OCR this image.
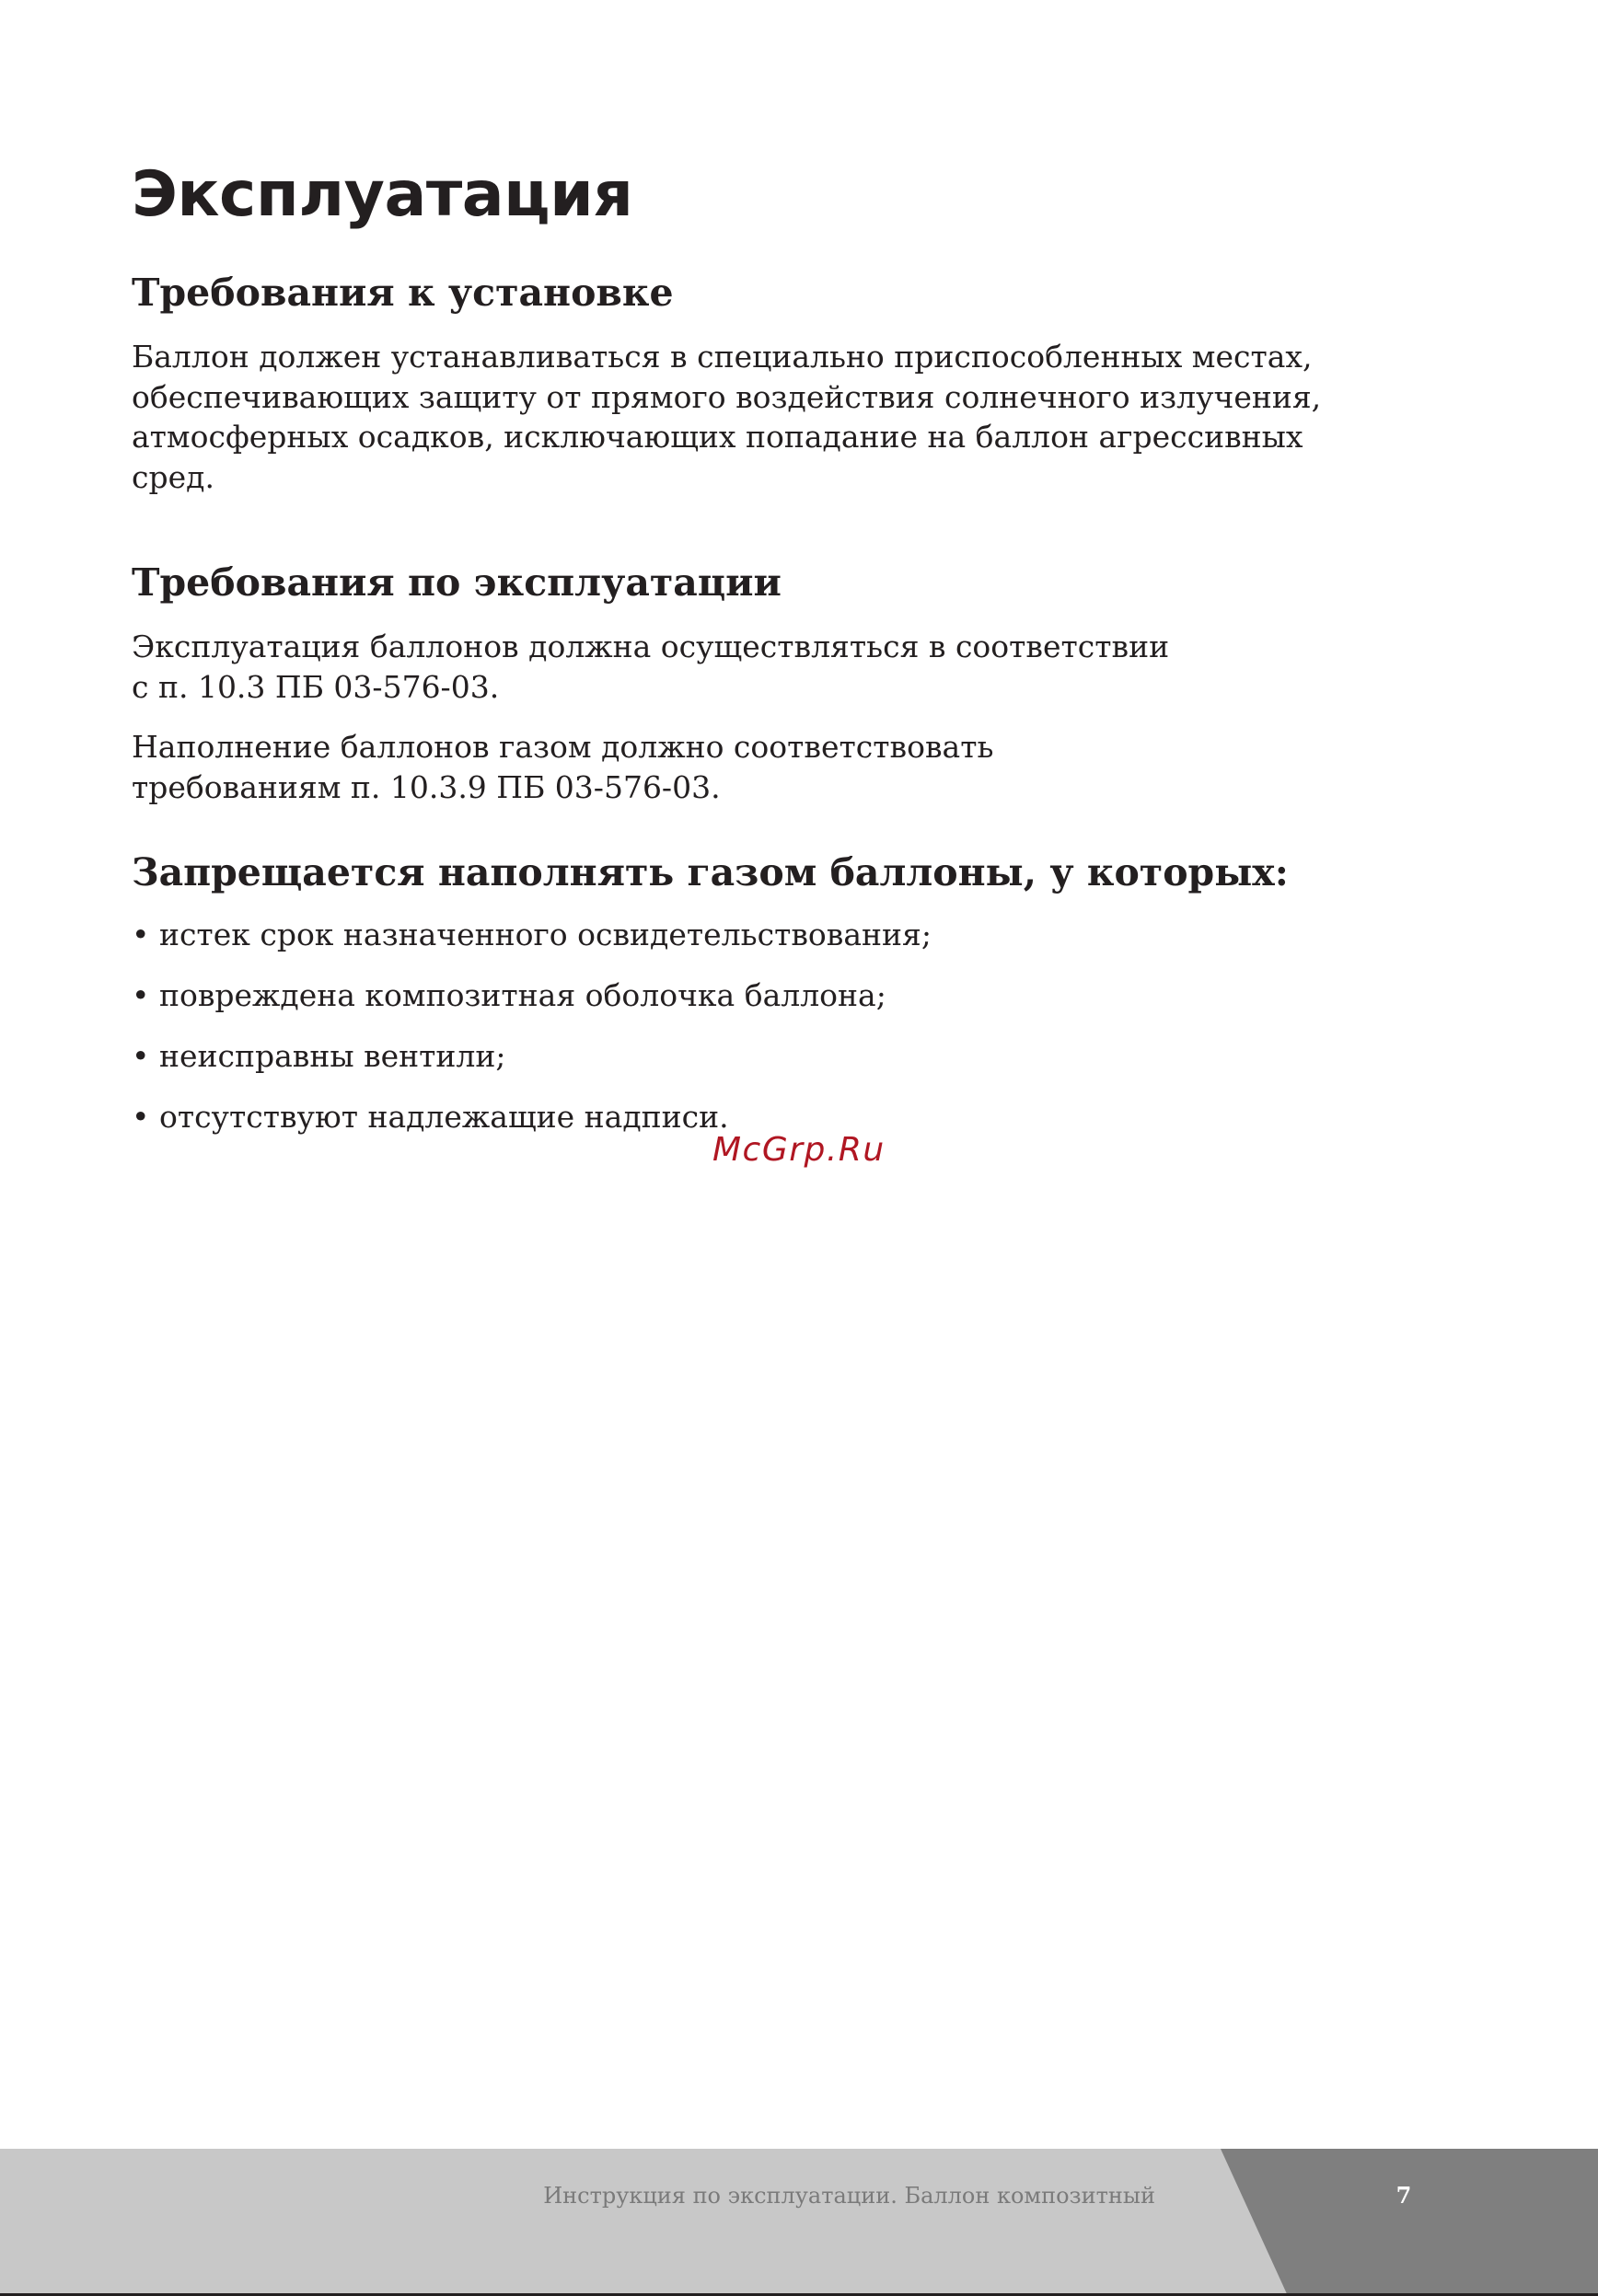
Эксплуатация
Требования к установке

Баллон должен устанавливаться в специально приспособленных местах,
обеспечивающих защиту от прямого воздействия солнечного излучения,
атмосферных осадков, исключающих попадание на баллон агрессивных
сред.

Требования по эксплуатации

Эксплуатация баллонов должна осуществляться в соответствии
с п. 10.3 ПБ 03-576-03.

Наполнение баллонов газом должно соответствовать
требованиям п. 10.3.9 ПБ 03-576-03.

Запрещается наполнять газом баллоны, у которых:

• истек срок назначенного освидетельствования;

• повреждена композитная оболочка баллона;

• неисправны вентили;

• отсутствуют надлежащие надписи.

McGrp.Ru
Инструкция по эксплуатации. Баллон композитный	7
